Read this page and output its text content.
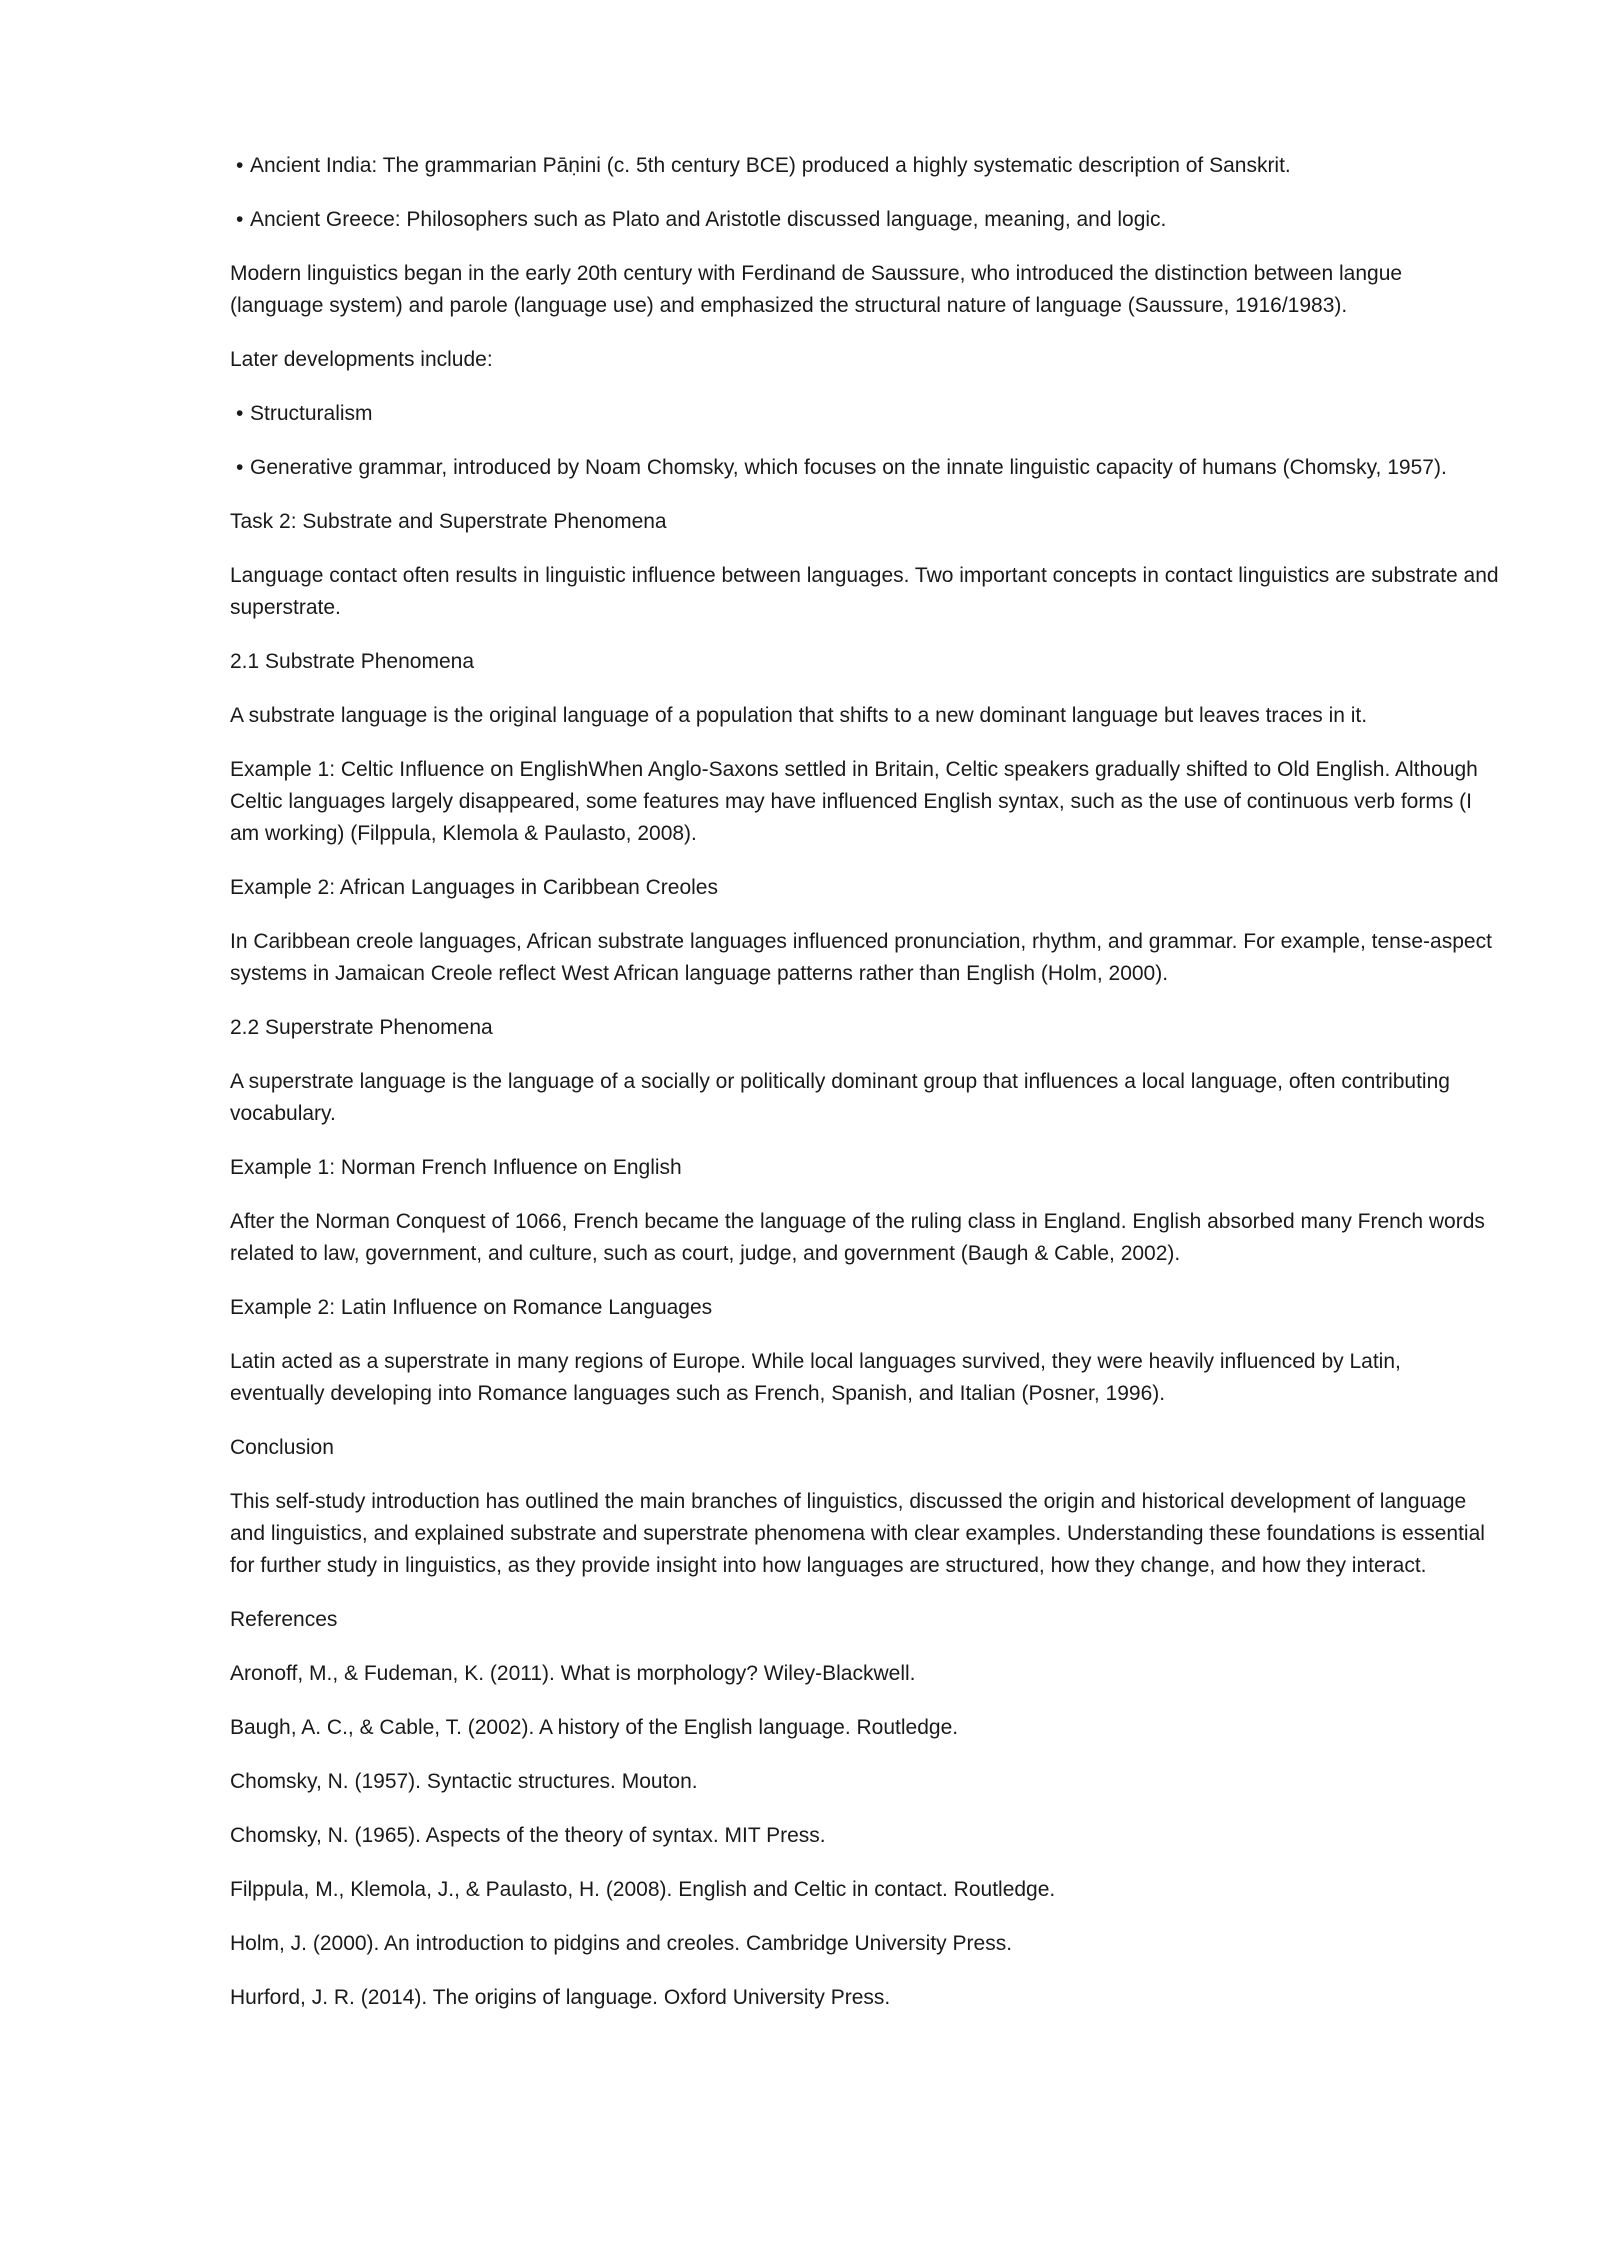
• Ancient India: The grammarian Pāṇini (c. 5th century BCE) produced a highly systematic description of Sanskrit.

• Ancient Greece: Philosophers such as Plato and Aristotle discussed language, meaning, and logic.

Modern linguistics began in the early 20th century with Ferdinand de Saussure, who introduced the distinction between langue (language system) and parole (language use) and emphasized the structural nature of language (Saussure, 1916/1983).

Later developments include:

• Structuralism

• Generative grammar, introduced by Noam Chomsky, which focuses on the innate linguistic capacity of humans (Chomsky, 1957).

Task 2: Substrate and Superstrate Phenomena

Language contact often results in linguistic influence between languages. Two important concepts in contact linguistics are substrate and superstrate.

2.1 Substrate Phenomena

A substrate language is the original language of a population that shifts to a new dominant language but leaves traces in it.

Example 1: Celtic Influence on EnglishWhen Anglo-Saxons settled in Britain, Celtic speakers gradually shifted to Old English. Although Celtic languages largely disappeared, some features may have influenced English syntax, such as the use of continuous verb forms (I am working) (Filppula, Klemola & Paulasto, 2008).

Example 2: African Languages in Caribbean Creoles

In Caribbean creole languages, African substrate languages influenced pronunciation, rhythm, and grammar. For example, tense-aspect systems in Jamaican Creole reflect West African language patterns rather than English (Holm, 2000).

2.2 Superstrate Phenomena

A superstrate language is the language of a socially or politically dominant group that influences a local language, often contributing vocabulary.

Example 1: Norman French Influence on English

After the Norman Conquest of 1066, French became the language of the ruling class in England. English absorbed many French words related to law, government, and culture, such as court, judge, and government (Baugh & Cable, 2002).

Example 2: Latin Influence on Romance Languages

Latin acted as a superstrate in many regions of Europe. While local languages survived, they were heavily influenced by Latin, eventually developing into Romance languages such as French, Spanish, and Italian (Posner, 1996).

Conclusion

This self-study introduction has outlined the main branches of linguistics, discussed the origin and historical development of language and linguistics, and explained substrate and superstrate phenomena with clear examples. Understanding these foundations is essential for further study in linguistics, as they provide insight into how languages are structured, how they change, and how they interact.

References

Aronoff, M., & Fudeman, K. (2011). What is morphology? Wiley-Blackwell.

Baugh, A. C., & Cable, T. (2002). A history of the English language. Routledge.

Chomsky, N. (1957). Syntactic structures. Mouton.

Chomsky, N. (1965). Aspects of the theory of syntax. MIT Press.

Filppula, M., Klemola, J., & Paulasto, H. (2008). English and Celtic in contact. Routledge.

Holm, J. (2000). An introduction to pidgins and creoles. Cambridge University Press.

Hurford, J. R. (2014). The origins of language. Oxford University Press.
